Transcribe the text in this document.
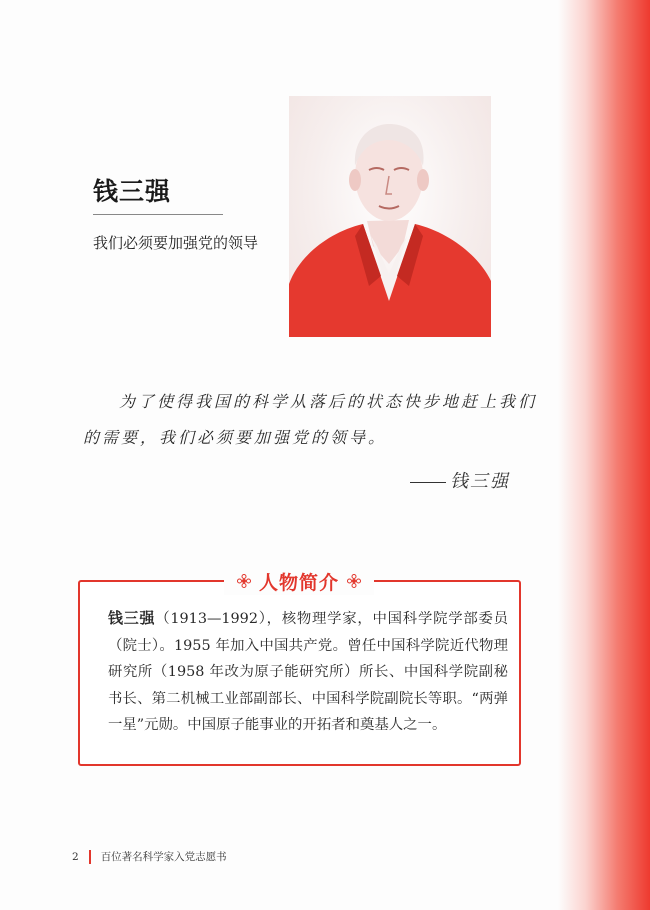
钱三强
我们必须要加强党的领导
为了使得我国的科学从落后的状态快步地赶上我们的需要，我们必须要加强党的领导。
钱三强
人物简介
钱三强（1913—1992），核物理学家，中国科学院学部委员（院士）。1955 年加入中国共产党。曾任中国科学院近代物理研究所（1958 年改为原子能研究所）所长、中国科学院副秘书长、第二机械工业部副部长、中国科学院副院长等职。“两弹一星”元勋。中国原子能事业的开拓者和奠基人之一。
2 百位著名科学家入党志愿书
